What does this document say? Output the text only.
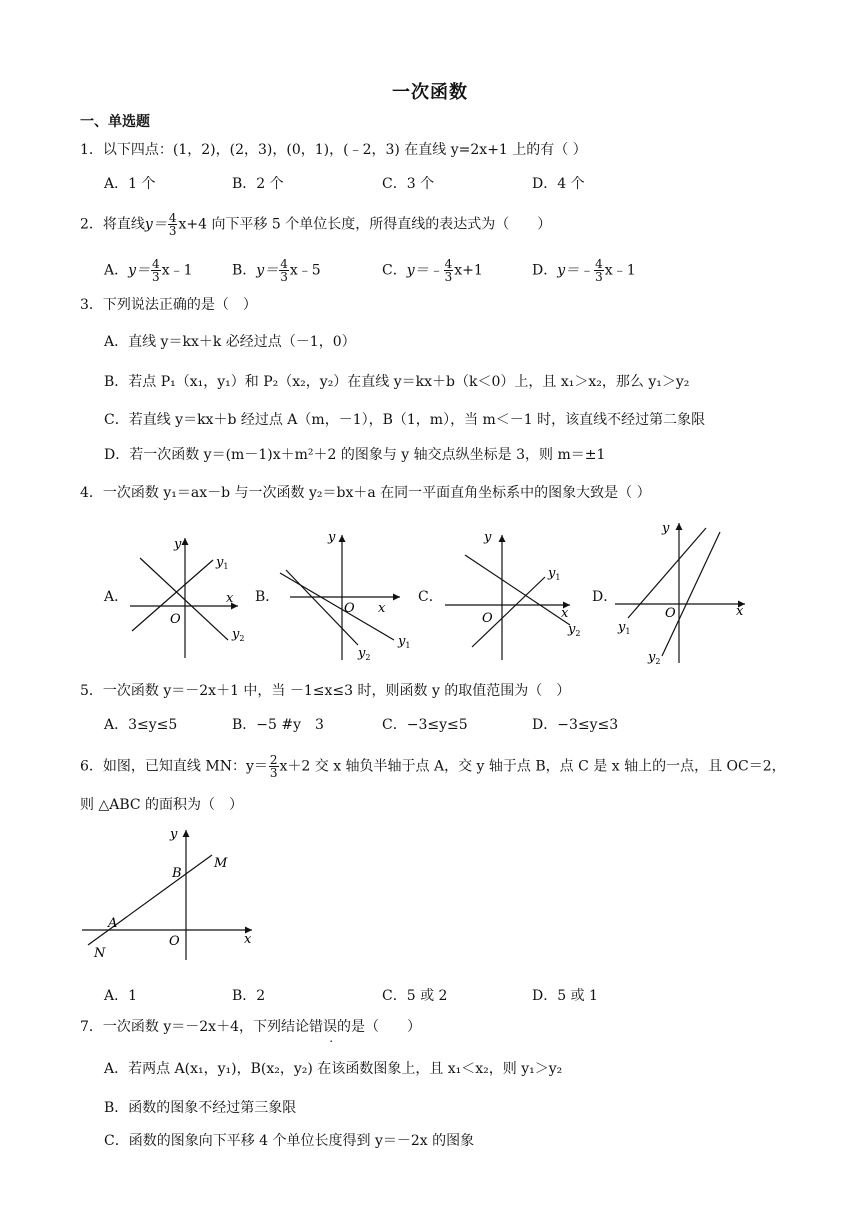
一次函数
一、单选题
1．以下四点：(1，2)，(2，3)，(0，1)，(﹣2，3) 在直线 y=2x+1 上的有（ ）
A．1 个	B．2 个	C．3 个	D．4 个
2．将直线$y= \frac{4}{3} x+4$ 向下平移 5 个单位长度，所得直线的表达式为（　　）
A．$y= \frac{4}{3}$ x﹣1	B．$y= \frac{4}{3}$ x﹣5	C．y＝﹣ $\frac{4}{3} x+1$	D．y＝﹣ $\frac{4}{3}$ x﹣1
3．下列说法正确的是（　）
A．直线 y＝kx＋k 必经过点（－1，0）
B．若点 P₁（x₁，y₁）和 P₂（x₂，y₂）在直线 y＝kx＋b（k＜0）上，且 x₁＞x₂，那么 y₁＞y₂
C．若直线 y＝kx＋b 经过点 A（m，－1），B（1，m），当 m＜－1 时，该直线不经过第二象限
D．若一次函数 y＝(m－1)x＋m²＋2 的图象与 y 轴交点纵坐标是 3，则 m＝±1
4．一次函数 y₁＝ax－b 与一次函数 y₂＝bx＋a 在同一平面直角坐标系中的图象大致是（ ）
A．
y
x
O
$y_1$
$y_2$
B．
y
x
O
$y_1$
$y_2$
C．
y
x
O
$y_1$
$y_2$
D．
y
x
O
$y_1$
$y_2$
5．一次函数 y＝－2x＋1 中，当 －1≤x≤3 时，则函数 y 的取值范围为（　）
A．3≤y≤5	B．−5 #y　3	C．−3≤y≤5	D．−3≤y≤3
6．如图，已知直线 MN：$y= \frac{2}{3} x+2$ 交 x 轴负半轴于点 A，交 y 轴于点 B，点 C 是 x 轴上的一点，且 OC＝2，
则 △ABC 的面积为（　）
y
x
O
A
B
M
N
A．1	B．2	C．5 或 2	D．5 或 1
7．一次函数 y＝－2x＋4，下列结论错误的是（　　）
A．若两点 A(x₁，y₁)，B(x₂，y₂) 在该函数图象上，且 x₁＜x₂，则 y₁＞y₂
B．函数的图象不经过第三象限
C．函数的图象向下平移 4 个单位长度得到 y＝－2x 的图象
